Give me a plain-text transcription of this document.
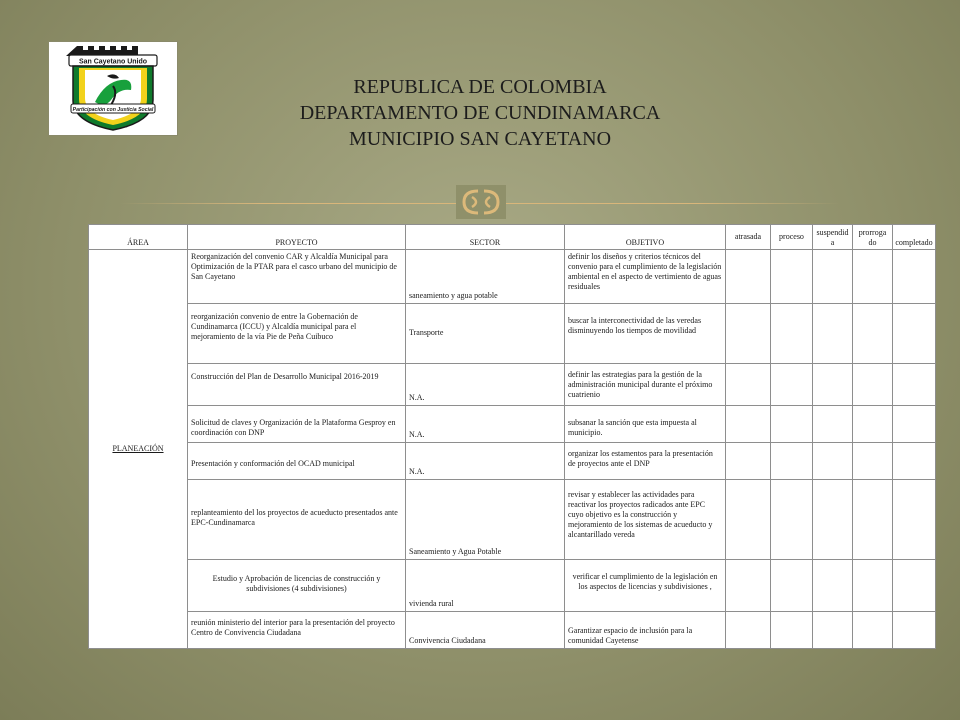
San Cayetano Unido
Participación con Justicia Social
REPUBLICA DE COLOMBIA
DEPARTAMENTO DE CUNDINAMARCA
MUNICIPIO SAN CAYETANO
ÁREA	PROYECTO	SECTOR	OBJETIVO	atrasada	proceso	suspendida	prorroga do	completado
PLANEACIÓN	Reorganización del convenio CAR y Alcaldía Municipal para Optimización de la PTAR para el casco urbano del municipio de San Cayetano	saneamiento y agua potable	definir los diseños y criterios técnicos del convenio para el cumplimiento de la legislación ambiental en el aspecto de vertimiento de aguas residuales					
	reorganización convenio de entre la Gobernación de Cundinamarca (ICCU) y Alcaldía municipal para el mejoramiento de la vía Pie de Peña Cuibuco	Transporte	buscar la interconectividad de las veredas disminuyendo los tiempos de movilidad					
	Construcción del Plan de Desarrollo Municipal 2016-2019	N.A.	definir las estrategias para la gestión de la administración municipal durante el próximo cuatrienio					
	Solicitud de claves y Organización de la Plataforma Gesproy en coordinación con DNP	N.A.	subsanar la sanción que esta impuesta al municipio.					
	Presentación y conformación del OCAD municipal	N.A.	organizar los estamentos para la presentación de proyectos ante el DNP					
	replanteamiento del los proyectos de acueducto presentados ante EPC-Cundinamarca	Saneamiento y Agua Potable	revisar y establecer las actividades para reactivar los proyectos radicados ante EPC cuyo objetivo es la construcción y mejoramiento de los sistemas de acueducto y alcantarillado vereda					
	Estudio y Aprobación de licencias de construcción y subdivisiones (4 subdivisiones)	vivienda rural	verificar el cumplimiento de la legislación en los aspectos de licencias y subdivisiones ,					
	reunión ministerio del interior para la presentación del proyecto Centro de Convivencia Ciudadana	Convivencia Ciudadana	Garantizar espacio de inclusión para la comunidad Cayetense					
